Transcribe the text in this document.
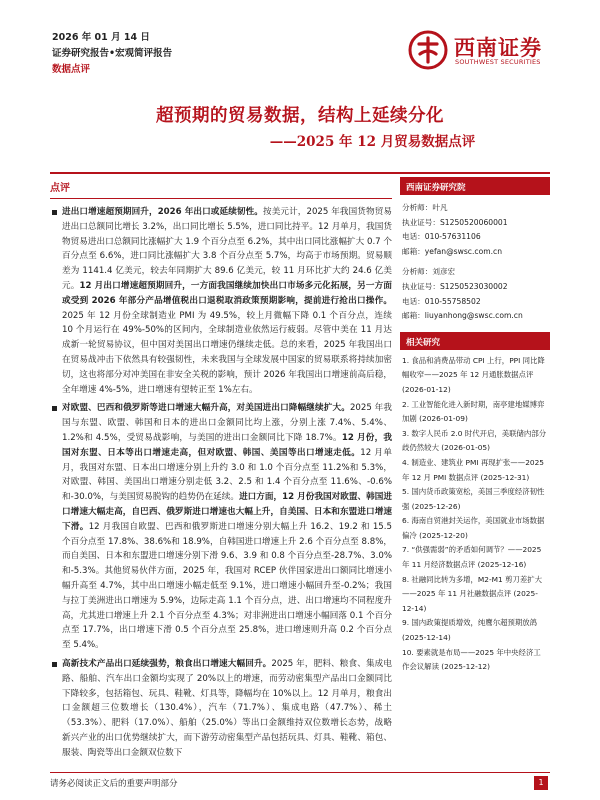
2026 年 01 月 14 日
证券研究报告•宏观简评报告
数据点评
西南证券
SOUTHWEST SECURITIES
超预期的贸易数据，结构上延续分化
——2025 年 12 月贸易数据点评
点评
进出口增速超预期回升，2026 年出口或延续韧性。按美元计，2025 年我国货物贸易进出口总额同比增长 3.2%，出口同比增长 5.5%，进口同比持平。12 月单月，我国货物贸易进出口总额同比涨幅扩大 1.9 个百分点至 6.2%，其中出口同比涨幅扩大 0.7 个百分点至 6.6%，进口同比涨幅扩大 3.8 个百分点至 5.7%，均高于市场预期。贸易顺差为 1141.4 亿美元，较去年同期扩大 89.6 亿美元，较 11 月环比扩大约 24.6 亿美元。12 月出口增速超预期回升，一方面我国继续加快出口市场多元化拓展，另一方面或受到 2026 年部分产品增值税出口退税取消政策预期影响，提前进行抢出口操作。2025 年 12 月份全球制造业 PMI 为 49.5%，较上月微幅下降 0.1 个百分点，连续 10 个月运行在 49%-50%的区间内，全球制造业依然运行疲弱。尽管中美在 11 月达成新一轮贸易协议，但中国对美国出口增速仍继续走低。总的来看，2025 年我国出口在贸易战冲击下依然具有较强韧性，未来我国与全球发展中国家的贸易联系将持续加密切，这也将部分对冲美国在非安全关税的影响，预计 2026 年我国出口增速前高后稳，全年增速 4%-5%，进口增速有望转正至 1%左右。
对欧盟、巴西和俄罗斯等进口增速大幅升高，对美国进出口降幅继续扩大。2025 年我国与东盟、欧盟、韩国和日本的进出口金额同比均上涨，分别上涨 7.4%、5.4%、1.2%和 4.5%，受贸易战影响，与美国的进出口金额同比下降 18.7%。12 月份，我国对东盟、日本等出口增速走高，但对欧盟、韩国、美国等出口增速走低。12 月单月，我国对东盟、日本出口增速分别上升约 3.0 和 1.0 个百分点至 11.2%和 5.3%，对欧盟、韩国、美国出口增速分别走低 3.2、2.5 和 1.4 个百分点至 11.6%、-0.6%和-30.0%，与美国贸易脱钩的趋势仍在延续。进口方面，12 月份我国对欧盟、韩国进口增速大幅走高，自巴西、俄罗斯进口增速也大幅上升，自美国、日本和东盟进口增速下滑。12 月我国自欧盟、巴西和俄罗斯进口增速分别大幅上升 16.2、19.2 和 15.5 个百分点至 17.8%、38.6%和 18.9%，自韩国进口增速上升 2.6 个百分点至 8.8%，而自美国、日本和东盟进口增速分别下滑 9.6、3.9 和 0.8 个百分点至-28.7%、3.0%和-5.3%。其他贸易伙伴方面，2025 年，我国对 RCEP 伙伴国家进出口额同比增速小幅升高至 4.7%，其中出口增速小幅走低至 9.1%，进口增速小幅回升至-0.2%；我国与拉丁美洲进出口增速为 5.9%，边际走高 1.1 个百分点，进、出口增速均不同程度升高，尤其进口增速上升 2.1 个百分点至 4.3%；对非洲进出口增速小幅回落 0.1 个百分点至 17.7%，出口增速下滑 0.5 个百分点至 25.8%，进口增速则升高 0.2 个百分点至 5.4%。
高新技术产品出口延续强势，粮食出口增速大幅回升。2025 年，肥料、粮食、集成电路、船舶、汽车出口金额均实现了 20%以上的增速，而劳动密集型产品出口金额同比下降较多，包括箱包、玩具、鞋靴、灯具等，降幅均在 10%以上。12 月单月，粮食出口金额超三位数增长（130.4%），汽车（71.7%）、集成电路（47.7%）、稀土（53.3%）、肥料（17.0%）、船舶（25.0%）等出口金额维持双位数增长态势，战略新兴产业的出口优势继续扩大，而下游劳动密集型产品包括玩具、灯具、鞋靴、箱包、服装、陶瓷等出口金额双位数下
西南证券研究院
分析师：叶凡
执业证号：S1250520060001
电话：010-57631106
邮箱：yefan@swsc.com.cn
分析师：刘彦宏
执业证号：S1250523030002
电话：010-55758502
邮箱：liuyanhong@swsc.com.cn
相关研究
1. 食品和消费品带动 CPI 上行，PPI 同比降幅收窄——2025 年 12 月通胀数据点评 (2026-01-12)
2. 工业智能化进入新时期，南亭建地媒博弈加剧 (2026-01-09)
3. 数字人民币 2.0 时代开启，美联储内部分歧仍然较大 (2026-01-05)
4. 制造业、建筑业 PMI 再现扩张——2025 年 12 月 PMI 数据点评 (2025-12-31)
5. 国内货币政策宽松，美国三季度经济韧性强 (2025-12-26)
6. 海南自贸港封关运作，美国就业市场数据偏冷 (2025-12-20)
7. “供强需弱”的矛盾如何调节？——2025 年 11 月经济数据点评 (2025-12-16)
8. 社融同比转为多增，M2-M1 剪刀差扩大——2025 年 11 月社融数据点评 (2025-12-14)
9. 国内政策提质增效，纯鹰尔超预期放鸽 (2025-12-14)
10. 要素就是布局——2025 年中央经济工作会议解读 (2025-12-12)
请务必阅读正文后的重要声明部分	1
